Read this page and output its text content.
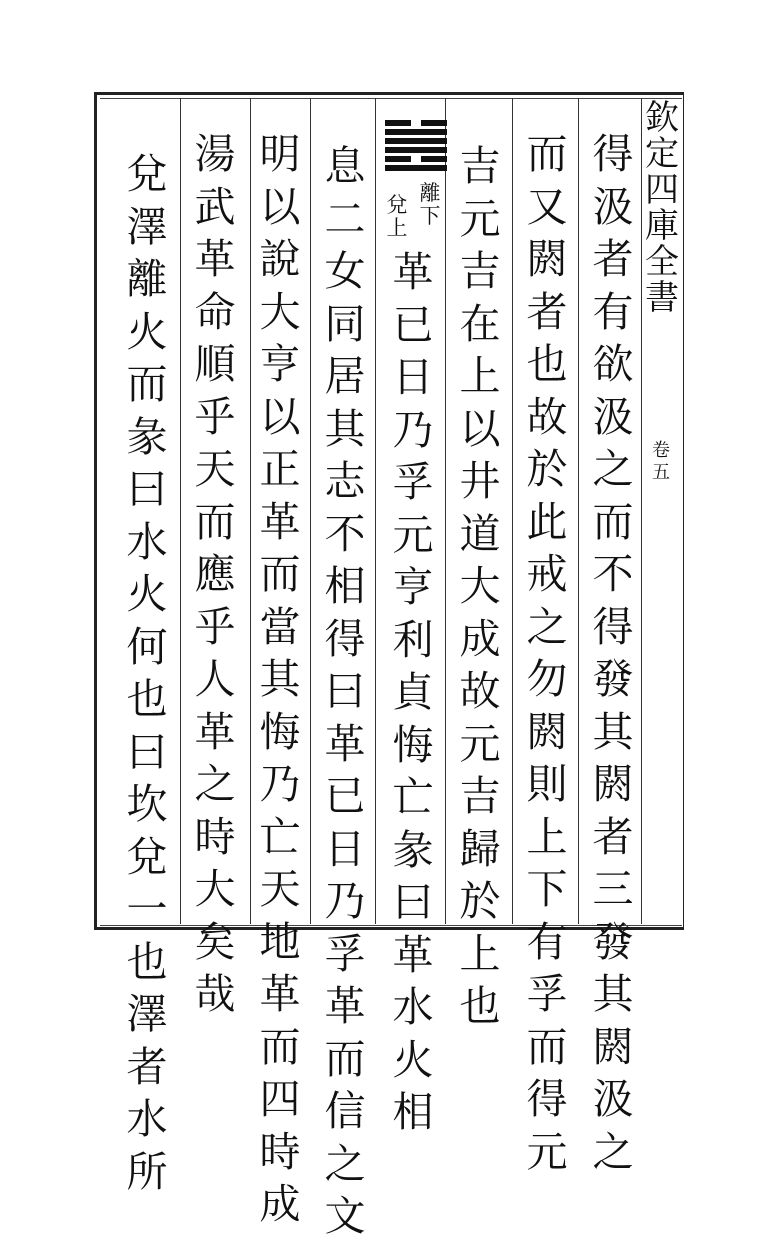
欽定四庫全書
卷五
得
汲
者
有
欲
汲
之
而
不
得
發
其
閼
者
三
發
其
閼
汲
之
而
又
閼
者
也
故
於
此
戒
之
勿
閼
則
上
下
有
孚
而
得
元
吉
元
吉
在
上
以
井
道
大
成
故
元
吉
歸
於
上
也
離下
兌上
革
已
日
乃
孚
元
亨
利
貞
悔
亡
彖
曰
革
水
火
相
息
二
女
同
居
其
志
不
相
得
曰
革
已
日
乃
孚
革
而
信
之
文
明
以
說
大
亨
以
正
革
而
當
其
悔
乃
亡
天
地
革
而
四
時
成
湯
武
革
命
順
乎
天
而
應
乎
人
革
之
時
大
矣
哉
兌
澤
離
火
而
彖
曰
水
火
何
也
曰
坎
兌
一
也
澤
者
水
所
